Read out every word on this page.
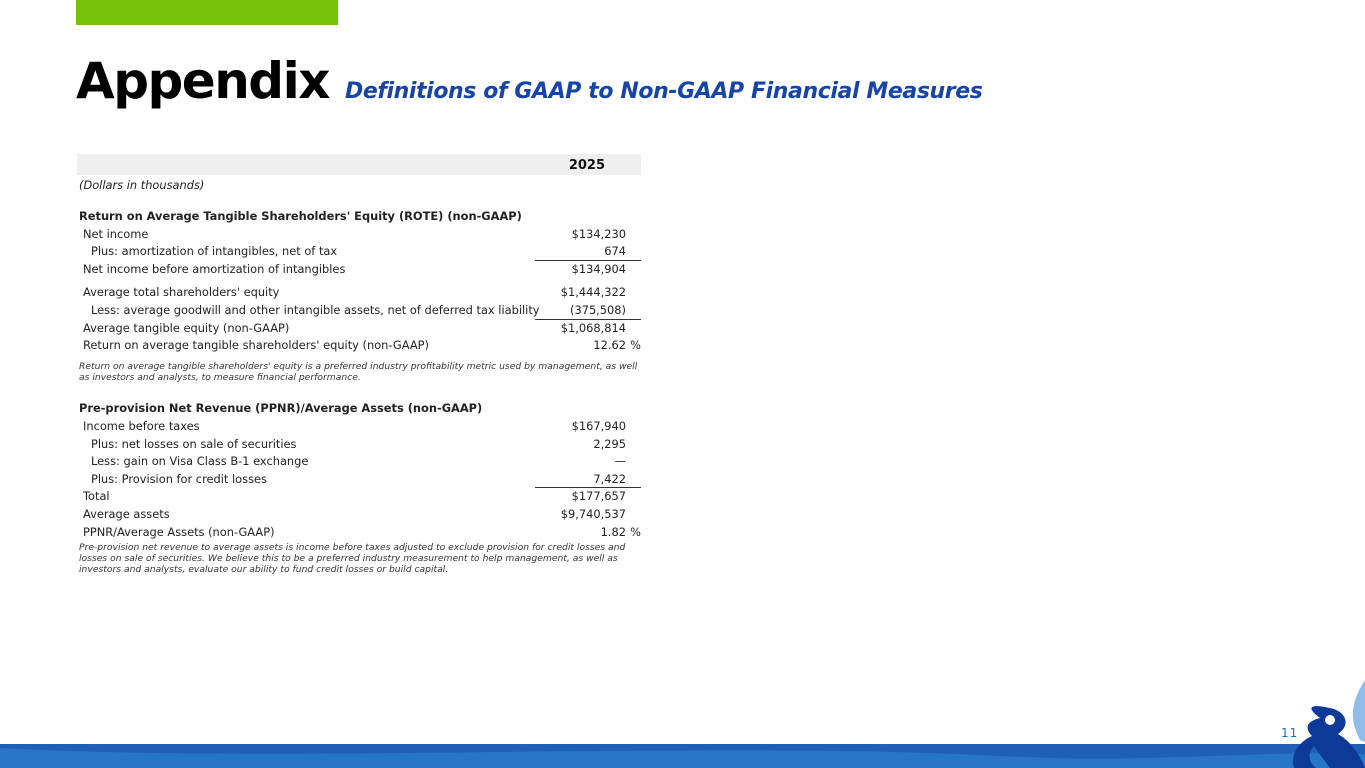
Appendix Definitions of GAAP to Non-GAAP Financial Measures
2025
(Dollars in thousands)
Return on Average Tangible Shareholders' Equity (ROTE) (non-GAAP)
Net income	$134,230
Plus: amortization of intangibles, net of tax	674
Net income before amortization of intangibles	$134,904
Average total shareholders' equity	$1,444,322
Less: average goodwill and other intangible assets, net of deferred tax liability	(375,508)
Average tangible equity (non-GAAP)	$1,068,814
Return on average tangible shareholders' equity (non-GAAP)	12.62 %
Return on average tangible shareholders' equity is a preferred industry profitability metric used by management, as well as investors and analysts, to measure financial performance.
Pre-provision Net Revenue (PPNR)/Average Assets (non-GAAP)
Income before taxes	$167,940
Plus: net losses on sale of securities	2,295
Less: gain on Visa Class B-1 exchange	—
Plus: Provision for credit losses	7,422
Total	$177,657
Average assets	$9,740,537
PPNR/Average Assets (non-GAAP)	1.82 %
Pre-provision net revenue to average assets is income before taxes adjusted to exclude provision for credit losses and losses on sale of securities. We believe this to be a preferred industry measurement to help management, as well as investors and analysts, evaluate our ability to fund credit losses or build capital.
11
